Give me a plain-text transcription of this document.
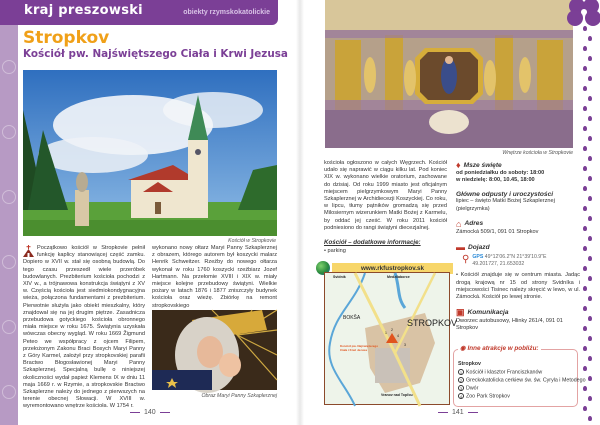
kraj preszowski	obiekty rzymskokatolickie
Stropkov
Kościół pw. Najświętszego Ciała i Krwi Jezusa
Kościół w Stropkovie
Początkowo kościół w Stropkovie pełnił funkcję kaplicy stanowiącej część zamku. Dopiero w XVII w. stał się osobną budowlą. Do tego czasu przeszedł wiele przeróbek budowlanych. Prezbiterium kościoła pochodzi z XIV w., a trójnawowa konstrukcja świątyni z XV w. Częścią kościoła jest siedmiokondygnacyjna wieża, połączona fundamentami z prezbiterium. Pierwotnie służyła jako obiekt mieszkalny, który znajdował się na jej drugim piętrze. Zasadnicza przebudowa gotyckiego kościoła obronnego miała miejsce w roku 1675. Świątynia uzyskała wówczas obecny wygląd. W roku 1669 Žigmund Peteo we współpracy z ojcem Filipem, przełożonym Zakonu Braci Bosych Maryi Panny z Góry Karmel, założył przy stropkovskiej parafii Bractwo Błogosławionej Maryi Panny Szkaplerznej. Specjalną bullę o niniejszej okoliczności wydał papież Klemens IX w dniu 11 maja 1669 r. w Rzymie, a stropkovskie Bractwo Szkaplerzne należy do jednego z pierwszych na terenie obecnej Słowacji. W XVIII w. wyremontowano wnętrze kościoła. W 1754 r.
wykonano nowy ołtarz Maryi Panny Szkaplerznej z obrazem, którego autorem był koszycki malarz Henrik Schweitzer. Rzeźby do nowego ołtarza wykonał w roku 1760 koszycki rzeźbiarz Jozef Hartmann. Na przełomie XVIII i XIX w. miały miejsce kolejne przebudowy świątyni. Wielkie pożary w latach 1876 i 1877 zniszczyły budynek kościoła oraz wieżę. Zbiórkę na remont stropkovskiego
Obraz Maryi Panny Szkaplerznej
140
Wnętrze kościoła w Stropkovie
kościoła ogłoszono w całych Węgrzech. Kościół udało się naprawić w ciągu kilku lat. Pod koniec XIX w. wykonano wielkie oratorium, zachowane do dzisiaj. Od roku 1999 miasto jest oficjalnym miejscem pielgrzymkowym Maryi Panny Szkaplerznej w Archidiecezji Koszyckiej. Co roku, w lipcu, tłumy pątników gromadzą się przed Milosiernym wizerunkiem Matki Bożej z Karmelu, by oddać jej cześć. W roku 2011 kościół podniesiono do rangi świątyni diecezjalnej.
Kościół – dodatkowe informacje:
• parking
www.rkfustropkov.sk
Svidník	Medzilaborce
BOKŠA	STROPKOV
Kościół pw. Najświętszego Ciała i Krwi Jezusa
Vranov nad Topľou
1
2
3
4
♦ Msze święte
od poniedziałku do soboty: 18:00
w niedzielę: 8:00, 10.45, 18:00
Główne odpusty i uroczystości
lipiec – święto Matki Bożej Szkaplerznej (pielgrzymka)
⌂ Adres
Zámocká 509/1, 091 01 Stropkov
▬ Dojazd
⚲ GPS 49°12'06.2"N 21°39'10.9"E
49.201727, 21.653032
• Kościół znajduje się w centrum miasta. Jadąc drogą krajową nr 15 od strony Svidníka i miejscowości Tisinec należy skręcić w lewo, w ul. Zámocká. Kościół po lewej stronie.
▣ Komunikacja
Dworzec autobusowy, Hlinky 261/4, 091 01 Stropkov
◉ Inne atrakcje w pobliżu:
Stropkov
1 Kościół i klasztor Franciszkanów
2 Greckokatolicka cerkiew św. św. Cyryla i Metodego
3 Dwór
4 Zoo Park Stropkov
141
